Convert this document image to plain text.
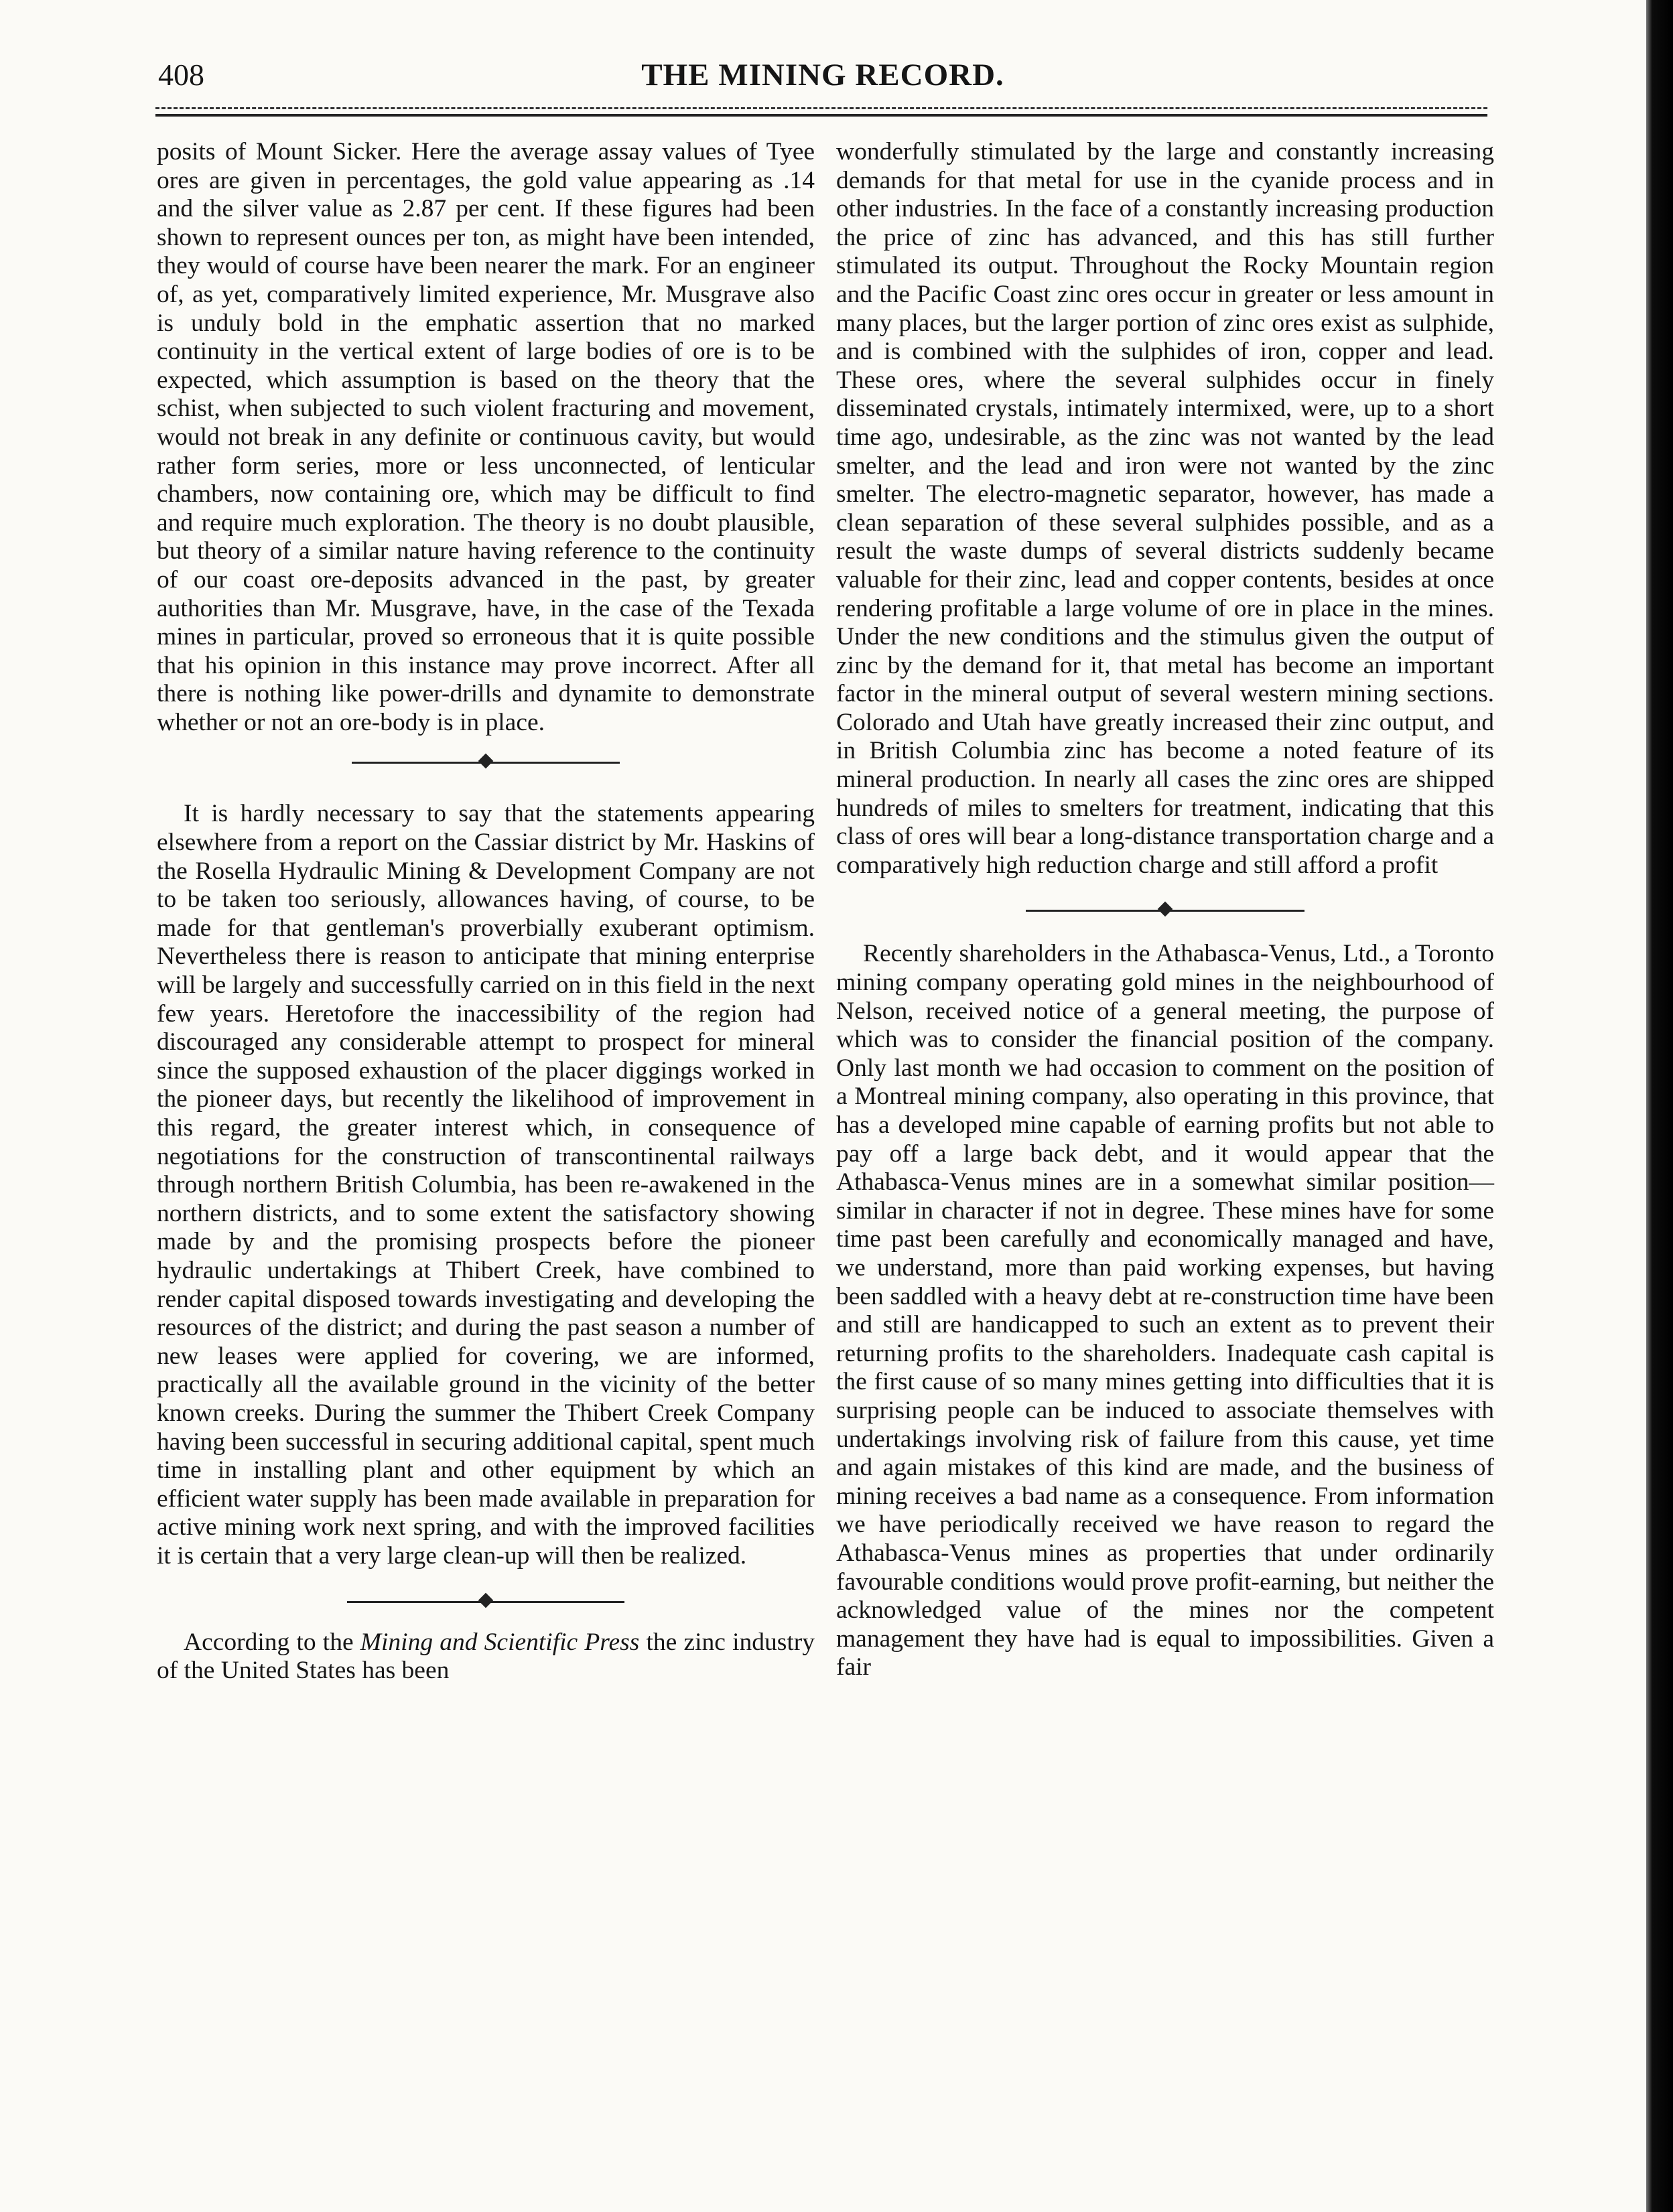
408	THE MINING RECORD.

posits of Mount Sicker. Here the average assay values of Tyee ores are given in percentages, the gold value appearing as .14 and the silver value as 2.87 per cent. If these figures had been shown to represent ounces per ton, as might have been intended, they would of course have been nearer the mark. For an engineer of, as yet, comparatively limited experience, Mr. Musgrave also is unduly bold in the emphatic assertion that no marked continuity in the vertical extent of large bodies of ore is to be expected, which assumption is based on the theory that the schist, when subjected to such violent fracturing and movement, would not break in any definite or continuous cavity, but would rather form series, more or less unconnected, of lenticular chambers, now containing ore, which may be difficult to find and require much exploration. The theory is no doubt plausible, but theory of a similar nature having reference to the continuity of our coast ore-deposits advanced in the past, by greater authorities than Mr. Musgrave, have, in the case of the Texada mines in particular, proved so erroneous that it is quite possible that his opinion in this instance may prove incorrect. After all there is nothing like power-drills and dynamite to demonstrate whether or not an ore-body is in place.

It is hardly necessary to say that the statements appearing elsewhere from a report on the Cassiar district by Mr. Haskins of the Rosella Hydraulic Mining & Development Company are not to be taken too seriously, allowances having, of course, to be made for that gentleman's proverbially exuberant optimism. Nevertheless there is reason to anticipate that mining enterprise will be largely and successfully carried on in this field in the next few years. Heretofore the inaccessibility of the region had discouraged any considerable attempt to prospect for mineral since the supposed exhaustion of the placer diggings worked in the pioneer days, but recently the likelihood of improvement in this regard, the greater interest which, in consequence of negotiations for the construction of transcontinental railways through northern British Columbia, has been re-awakened in the northern districts, and to some extent the satisfactory showing made by and the promising prospects before the pioneer hydraulic undertakings at Thibert Creek, have combined to render capital disposed towards investigating and developing the resources of the district; and during the past season a number of new leases were applied for covering, we are informed, practically all the available ground in the vicinity of the better known creeks. During the summer the Thibert Creek Company having been successful in securing additional capital, spent much time in installing plant and other equipment by which an efficient water supply has been made available in preparation for active mining work next spring, and with the improved facilities it is certain that a very large clean-up will then be realized.

According to the Mining and Scientific Press the zinc industry of the United States has been

wonderfully stimulated by the large and constantly increasing demands for that metal for use in the cyanide process and in other industries. In the face of a constantly increasing production the price of zinc has advanced, and this has still further stimulated its output. Throughout the Rocky Mountain region and the Pacific Coast zinc ores occur in greater or less amount in many places, but the larger portion of zinc ores exist as sulphide, and is combined with the sulphides of iron, copper and lead. These ores, where the several sulphides occur in finely disseminated crystals, intimately intermixed, were, up to a short time ago, undesirable, as the zinc was not wanted by the lead smelter, and the lead and iron were not wanted by the zinc smelter. The electro-magnetic separator, however, has made a clean separation of these several sulphides possible, and as a result the waste dumps of several districts suddenly became valuable for their zinc, lead and copper contents, besides at once rendering profitable a large volume of ore in place in the mines. Under the new conditions and the stimulus given the output of zinc by the demand for it, that metal has become an important factor in the mineral output of several western mining sections. Colorado and Utah have greatly increased their zinc output, and in British Columbia zinc has become a noted feature of its mineral production. In nearly all cases the zinc ores are shipped hundreds of miles to smelters for treatment, indicating that this class of ores will bear a long-distance transportation charge and a comparatively high reduction charge and still afford a profit

Recently shareholders in the Athabasca-Venus, Ltd., a Toronto mining company operating gold mines in the neighbourhood of Nelson, received notice of a general meeting, the purpose of which was to consider the financial position of the company. Only last month we had occasion to comment on the position of a Montreal mining company, also operating in this province, that has a developed mine capable of earning profits but not able to pay off a large back debt, and it would appear that the Athabasca-Venus mines are in a somewhat similar position—similar in character if not in degree. These mines have for some time past been carefully and economically managed and have, we understand, more than paid working expenses, but having been saddled with a heavy debt at re-construction time have been and still are handicapped to such an extent as to prevent their returning profits to the shareholders. Inadequate cash capital is the first cause of so many mines getting into difficulties that it is surprising people can be induced to associate themselves with undertakings involving risk of failure from this cause, yet time and again mistakes of this kind are made, and the business of mining receives a bad name as a consequence. From information we have periodically received we have reason to regard the Athabasca-Venus mines as properties that under ordinarily favourable conditions would prove profit-earning, but neither the acknowledged value of the mines nor the competent management they have had is equal to impossibilities. Given a fair
